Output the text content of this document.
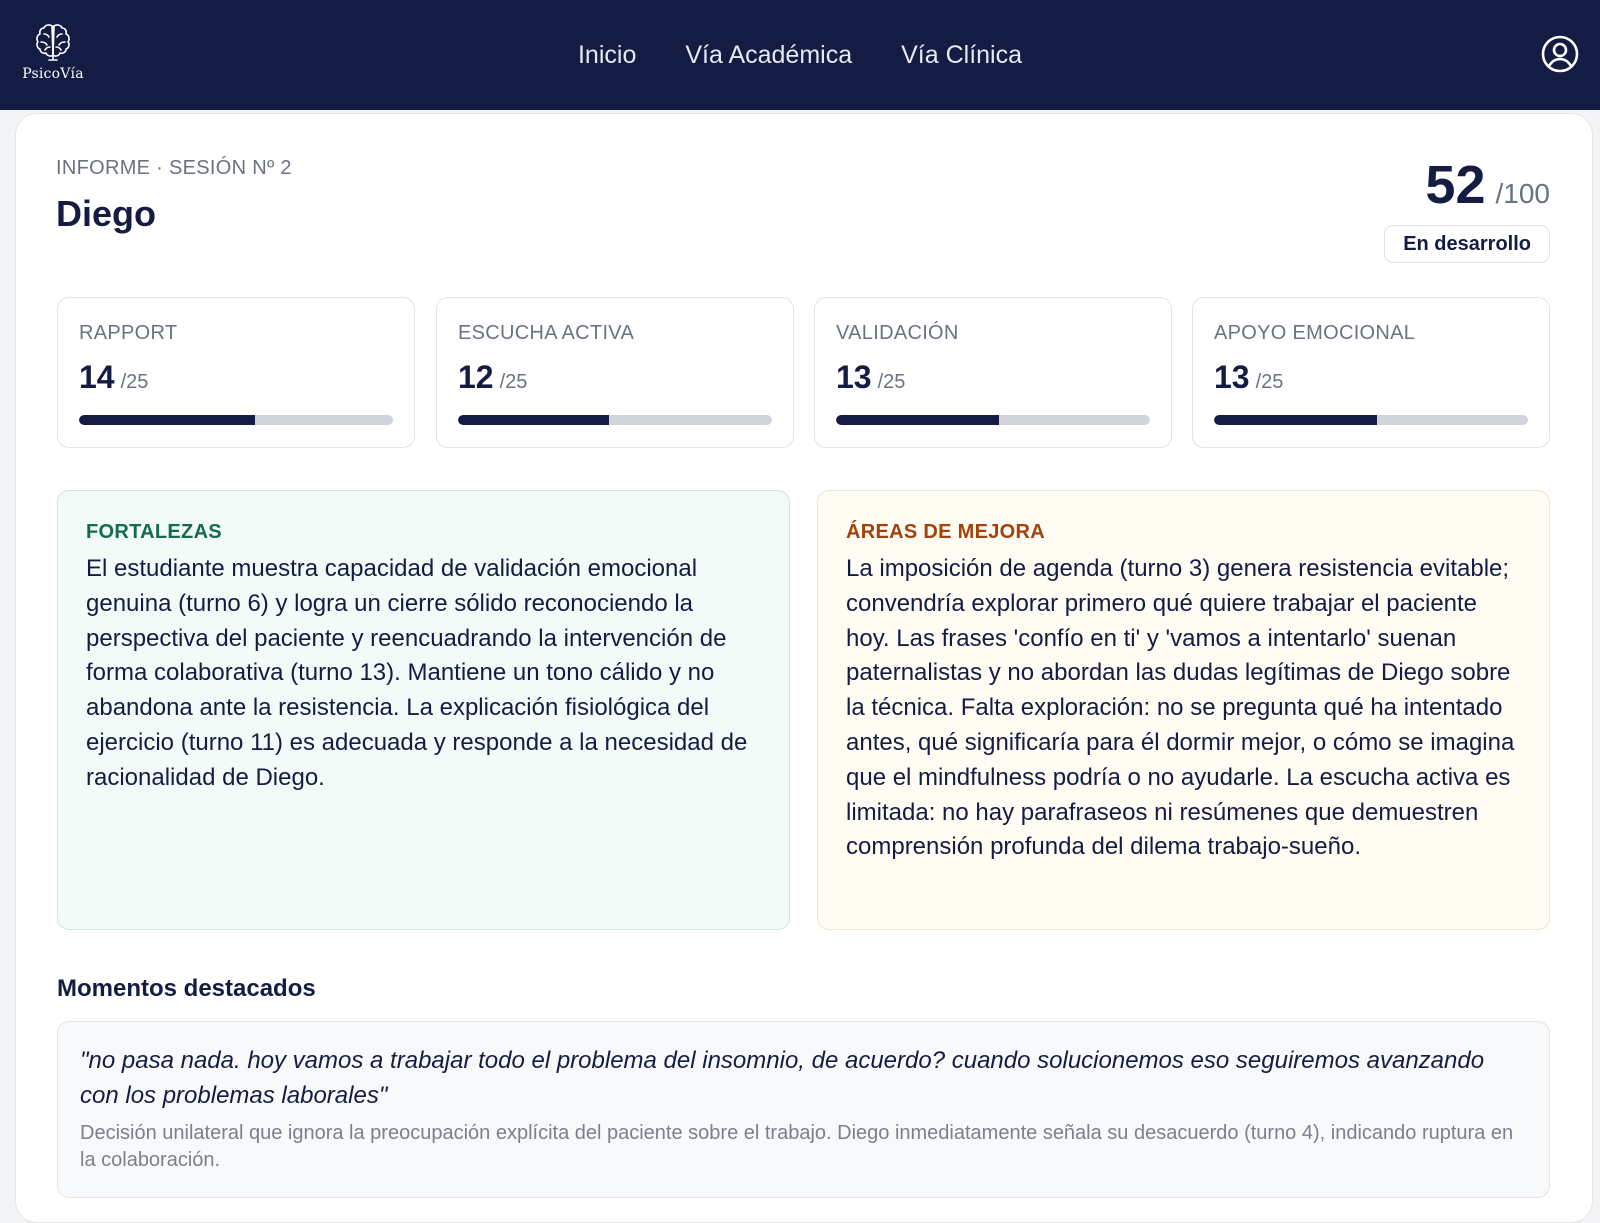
PsicoVía
Inicio Vía Académica Vía Clínica
INFORME · SESIÓN Nº 2
Diego	52 /100
En desarrollo
RAPPORT
14 /25
ESCUCHA ACTIVA
12 /25
VALIDACIÓN
13 /25
APOYO EMOCIONAL
13 /25
FORTALEZAS

El estudiante muestra capacidad de validación emocional genuina (turno 6) y logra un cierre sólido reconociendo la perspectiva del paciente y reencuadrando la intervención de forma colaborativa (turno 13). Mantiene un tono cálido y no abandona ante la resistencia. La explicación fisiológica del ejercicio (turno 11) es adecuada y responde a la necesidad de racionalidad de Diego.

ÁREAS DE MEJORA

La imposición de agenda (turno 3) genera resistencia evitable; convendría explorar primero qué quiere trabajar el paciente hoy. Las frases 'confío en ti' y 'vamos a intentarlo' suenan paternalistas y no abordan las dudas legítimas de Diego sobre la técnica. Falta exploración: no se pregunta qué ha intentado antes, qué significaría para él dormir mejor, o cómo se imagina que el mindfulness podría o no ayudarle. La escucha activa es limitada: no hay parafraseos ni resúmenes que demuestren comprensión profunda del dilema trabajo-sueño.

Momentos destacados

"no pasa nada. hoy vamos a trabajar todo el problema del insomnio, de acuerdo? cuando solucionemos eso seguiremos avanzando con los problemas laborales"

Decisión unilateral que ignora la preocupación explícita del paciente sobre el trabajo. Diego inmediatamente señala su desacuerdo (turno 4), indicando ruptura en la colaboración.
